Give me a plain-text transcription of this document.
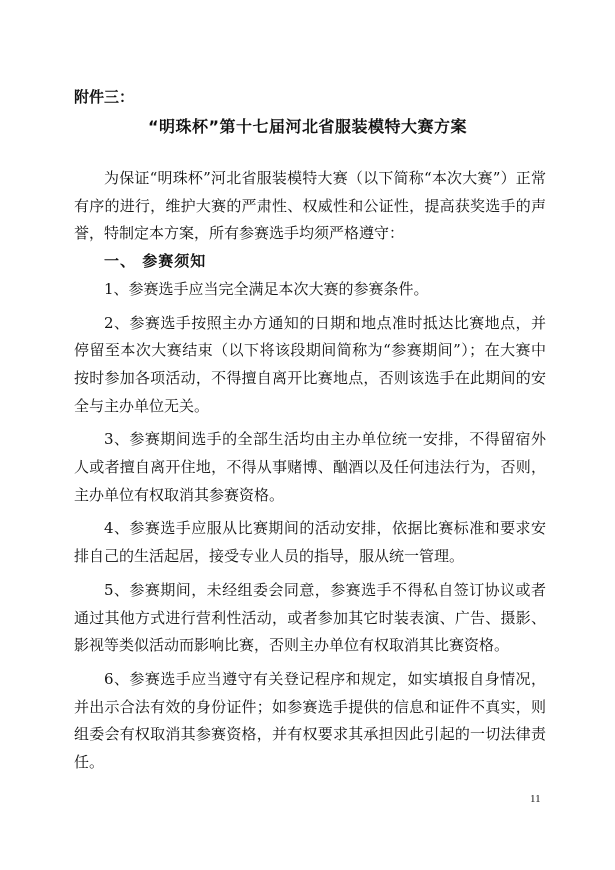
附件三：
“明珠杯”第十七届河北省服装模特大赛方案

为保证“明珠杯”河北省服装模特大赛（以下简称“本次大赛”）正常有序的进行，维护大赛的严肃性、权威性和公证性，提高获奖选手的声誉，特制定本方案，所有参赛选手均须严格遵守：

一、 参赛须知

1、参赛选手应当完全满足本次大赛的参赛条件。

2、参赛选手按照主办方通知的日期和地点准时抵达比赛地点，并停留至本次大赛结束（以下将该段期间简称为“参赛期间”）；在大赛中按时参加各项活动，不得擅自离开比赛地点，否则该选手在此期间的安全与主办单位无关。

3、参赛期间选手的全部生活均由主办单位统一安排，不得留宿外人或者擅自离开住地，不得从事赌博、酗酒以及任何违法行为，否则，主办单位有权取消其参赛资格。

4、参赛选手应服从比赛期间的活动安排，依据比赛标准和要求安排自己的生活起居，接受专业人员的指导，服从统一管理。

5、参赛期间，未经组委会同意，参赛选手不得私自签订协议或者通过其他方式进行营利性活动，或者参加其它时装表演、广告、摄影、影视等类似活动而影响比赛，否则主办单位有权取消其比赛资格。

6、参赛选手应当遵守有关登记程序和规定，如实填报自身情况，并出示合法有效的身份证件；如参赛选手提供的信息和证件不真实，则组委会有权取消其参赛资格，并有权要求其承担因此引起的一切法律责任。

11
